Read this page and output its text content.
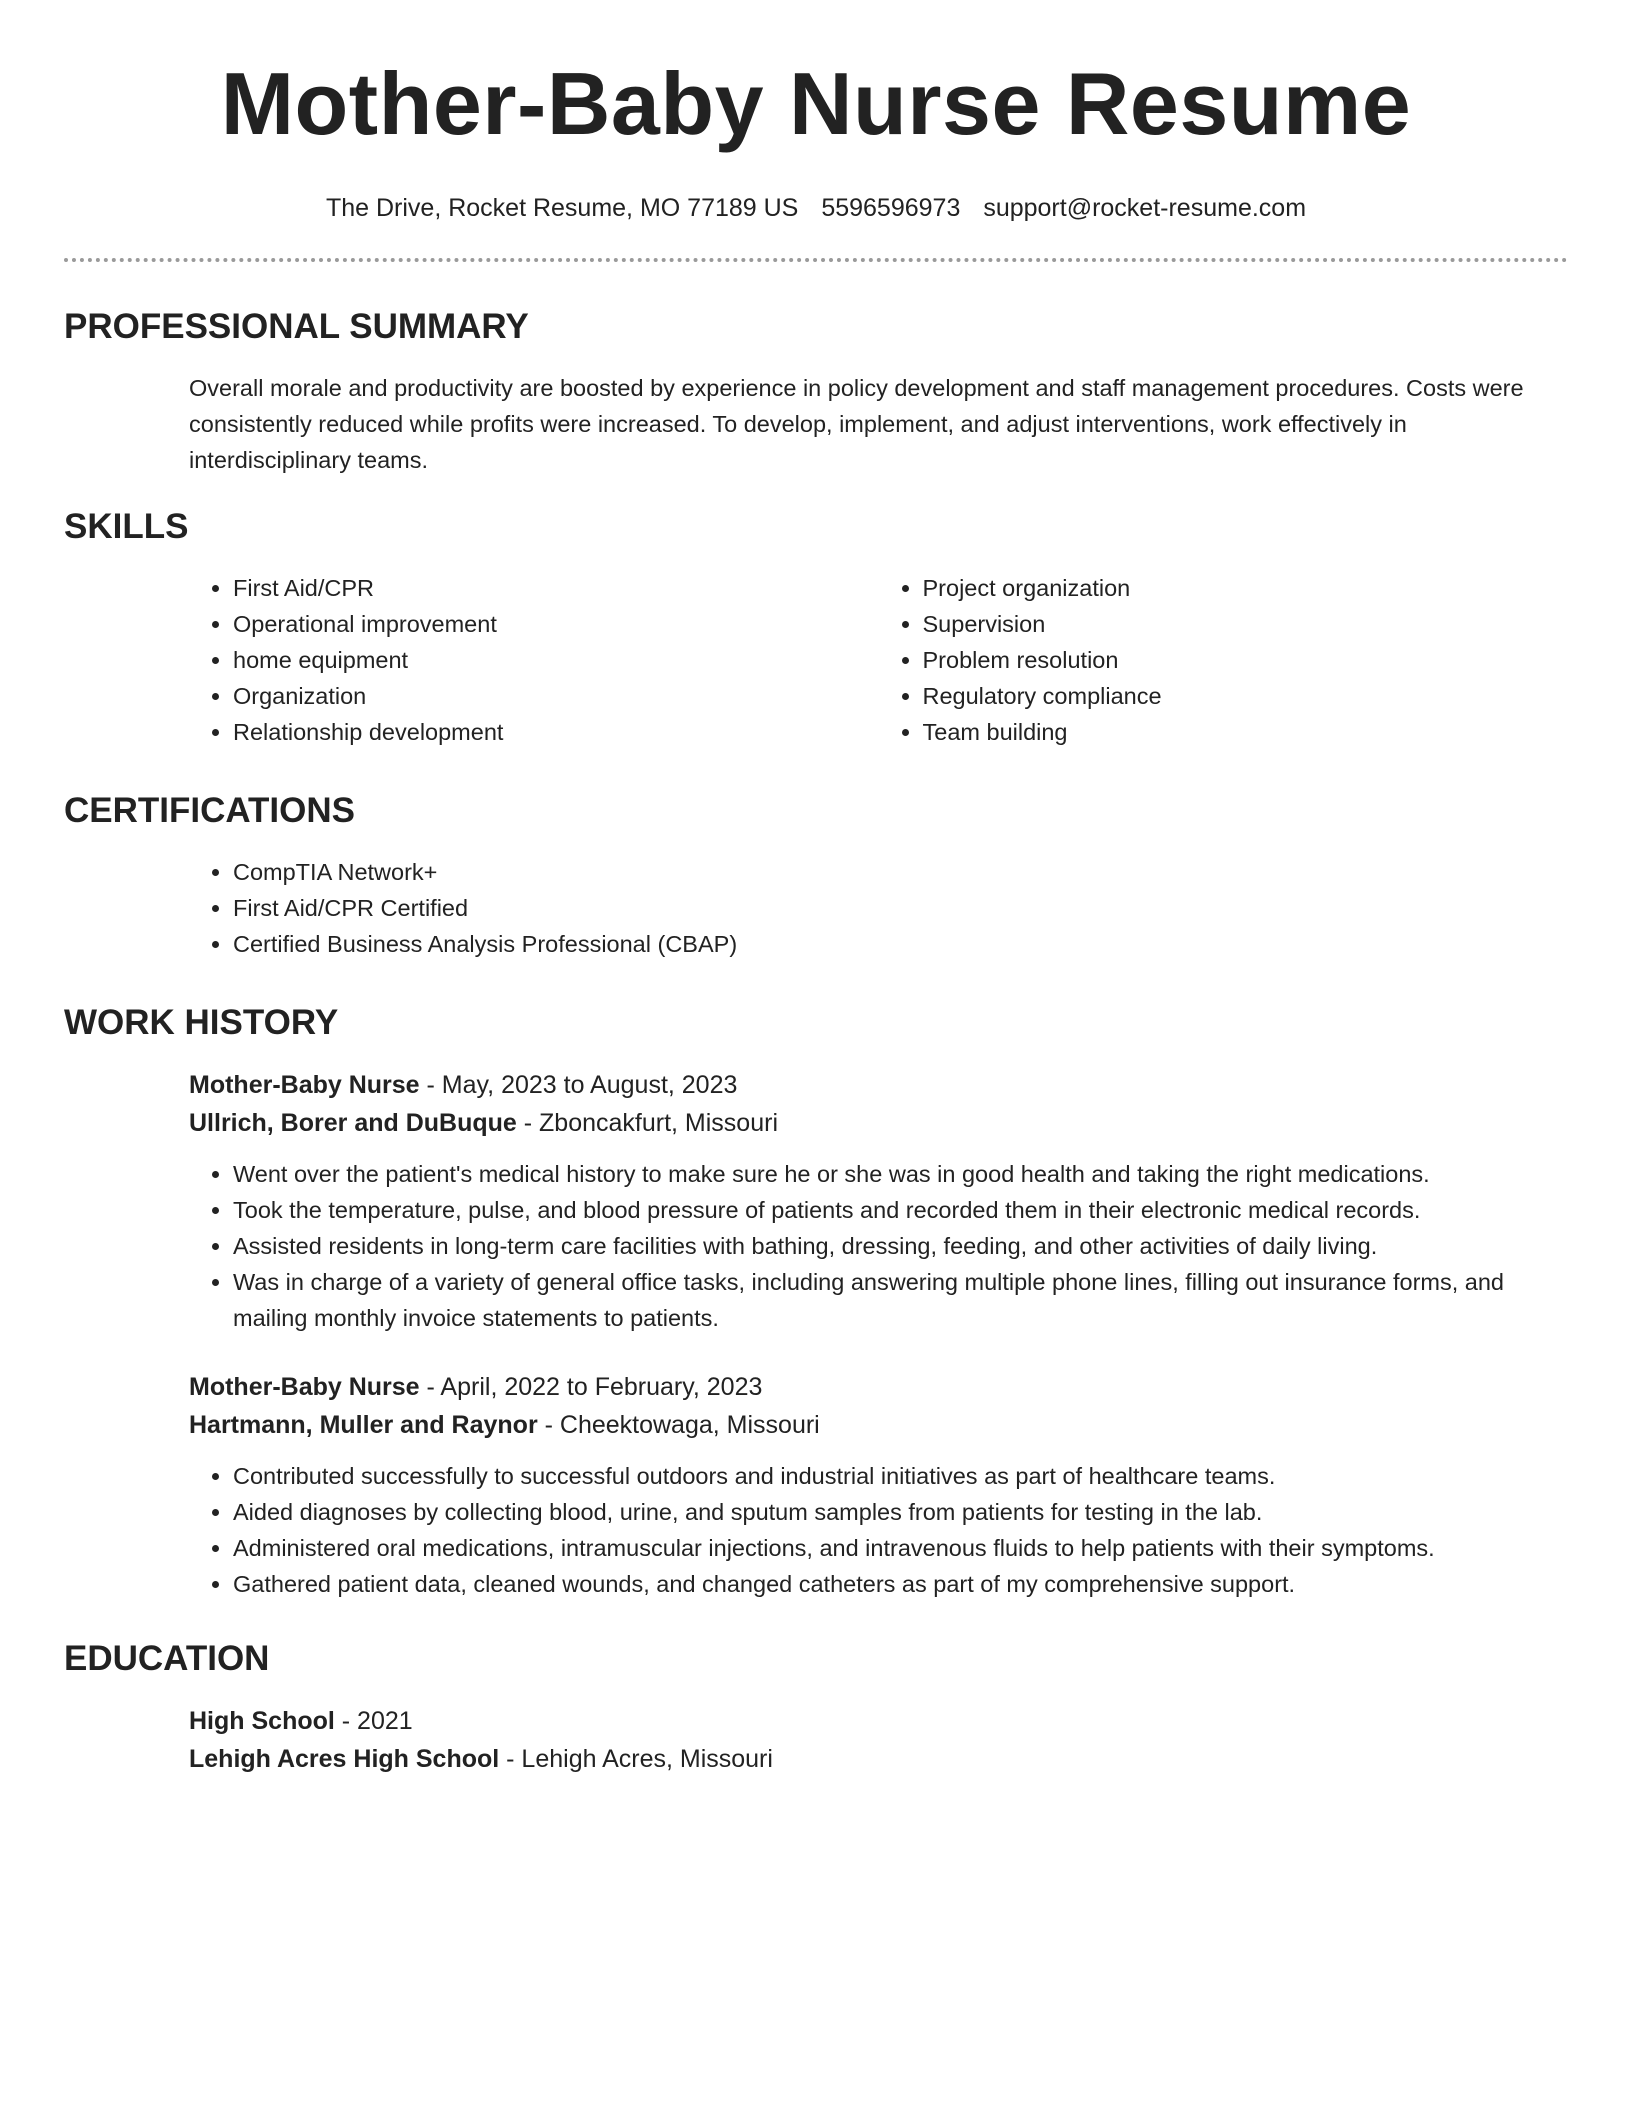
Mother-Baby Nurse Resume
The Drive, Rocket Resume, MO 77189 US 5596596973 support@rocket-resume.com
PROFESSIONAL SUMMARY

Overall morale and productivity are boosted by experience in policy development and staff management procedures. Costs were consistently reduced while profits were increased. To develop, implement, and adjust interventions, work effectively in interdisciplinary teams.

SKILLS
• First Aid/CPR
• Operational improvement
• home equipment
• Organization
• Relationship development
• Project organization
• Supervision
• Problem resolution
• Regulatory compliance
• Team building
CERTIFICATIONS
• CompTIA Network+
• First Aid/CPR Certified
• Certified Business Analysis Professional (CBAP)
WORK HISTORY
Mother-Baby Nurse - May, 2023 to August, 2023
Ullrich, Borer and DuBuque - Zboncakfurt, Missouri
• Went over the patient's medical history to make sure he or she was in good health and taking the right medications.
• Took the temperature, pulse, and blood pressure of patients and recorded them in their electronic medical records.
• Assisted residents in long-term care facilities with bathing, dressing, feeding, and other activities of daily living.
• Was in charge of a variety of general office tasks, including answering multiple phone lines, filling out insurance forms, and mailing monthly invoice statements to patients.
Mother-Baby Nurse - April, 2022 to February, 2023
Hartmann, Muller and Raynor - Cheektowaga, Missouri
• Contributed successfully to successful outdoors and industrial initiatives as part of healthcare teams.
• Aided diagnoses by collecting blood, urine, and sputum samples from patients for testing in the lab.
• Administered oral medications, intramuscular injections, and intravenous fluids to help patients with their symptoms.
• Gathered patient data, cleaned wounds, and changed catheters as part of my comprehensive support.
EDUCATION
High School - 2021
Lehigh Acres High School - Lehigh Acres, Missouri
